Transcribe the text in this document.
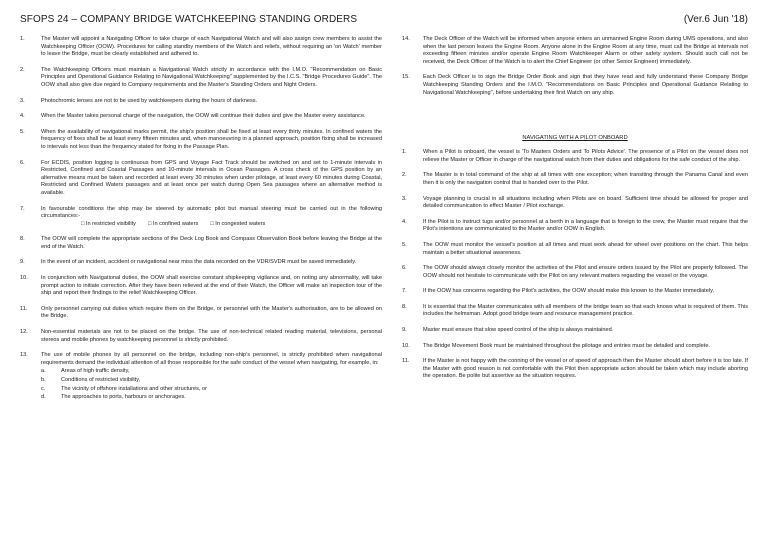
SFOPS 24 – COMPANY BRIDGE WATCHKEEPING STANDING ORDERS	(Ver.6 Jun '18)
1.	The Master will appoint a Navigating Officer to take charge of each Navigational Watch and will also assign crew members to assist the Watchkeeping Officer (OOW). Procedures for calling standby members of the Watch and reliefs, without requiring an 'on Watch' member to leave the Bridge, must be clearly established and adhered to.
2.	The Watchkeeping Officers must maintain a Navigational Watch strictly in accordance with the I.M.O. "Recommendation on Basic Principles and Operational Guidance Relating to Navigational Watchkeeping" supplemented by the I.C.S. "Bridge Procedures Guide". The OOW shall also give due regard to Company requirements and the Master's Standing Orders and Night Orders.
3.	Photochromic lenses are not to be used by watchkeepers during the hours of darkness.
4.	When the Master takes personal charge of the navigation, the OOW will continue their duties and give the Master every assistance.
5.	When the availability of navigational marks permit, the ship's position shall be fixed at least every thirty minutes. In confined waters the frequency of fixes shall be at least every fifteen minutes and, when manoeuvring in a planned approach, position fixing shall be increased to intervals not less than the frequency stated for fixing in the Passage Plan.
6.	For ECDIS, position logging is continuous from GPS and Voyage Fact Track should be switched on and set to 1-minute intervals in Restricted, Confined and Coastal Passages and 10-minute intervals in Ocean Passages. A cross check of the GPS position by an alternative means must be taken and recorded at least every 30 minutes when under pilotage, at least every 60 minutes during Coastal, Restricted and Confined Waters passages and at least once per watch during Open Sea passages where an alternative method is available.
7.	In favourable conditions the ship may be steered by automatic pilot but manual steering must be carried out in the following circumstances:-
□ In restricted visibility □ In confined waters □ In congested waters
8.	The OOW will complete the appropriate sections of the Deck Log Book and Compass Observation Book before leaving the Bridge at the end of the Watch.
9.	In the event of an incident, accident or navigational near miss the data recorded on the VDR/SVDR must be saved immediately.
10.	In conjunction with Navigational duties, the OOW shall exercise constant shipkeeping vigilance and, on noting any abnormality, will take prompt action to initiate correction. After they have been relieved at the end of their Watch, the Officer will make an inspection tour of the ship and report their findings to the relief Watchkeeping Officer.
11.	Only personnel carrying out duties which require them on the Bridge, or personnel with the Master's authorisation, are to be allowed on the Bridge.
12.	Non-essential materials are not to be placed on the bridge. The use of non-technical related reading material, televisions, personal stereos and mobile phones by watchkeeping personnel is strictly prohibited.
13.	The use of mobile phones by all personnel on the bridge, including non-ship's personnel, is strictly prohibited when navigational requirements demand the individual attention of all those responsible for the safe conduct of the vessel when navigating, for example, in:
a.	Areas of high traffic density,
b.	Conditions of restricted visibility,
c.	The vicinity of offshore installations and other structures, or
d.	The approaches to ports, harbours or anchorages.
14.	The Deck Officer of the Watch will be informed when anyone enters an unmanned Engine Room during UMS operations, and also when the last person leaves the Engine Room. Anyone alone in the Engine Room at any time, must call the Bridge at intervals not exceeding fifteen minutes and/or operate Engine Room Watchkeeper Alarm or other safety system. Should such call not be received, the Deck Officer of the Watch is to alert the Chief Engineer (or other Senior Engineer) immediately.
15.	Each Deck Officer is to sign the Bridge Order Book and sign that they have read and fully understand these Company Bridge Watchkeeping Standing Orders and the I.M.O. "Recommendations on Basic Principles and Operational Guidance Relating to Navigational Watchkeeping", before undertaking their first Watch on any ship.
NAVIGATING WITH A PILOT ONBOARD
1.	When a Pilot is onboard, the vessel is 'To Masters Orders and To Pilots Advice'. The presence of a Pilot on the vessel does not relieve the Master or Officer in charge of the navigational watch from their duties and obligations for the safe conduct of the ship.
2.	The Master is in total command of the ship at all times with one exception; when transiting through the Panama Canal and even then it is only the navigation control that is handed over to the Pilot.
3.	Voyage planning is crucial in all situations including when Pilots are on board. Sufficient time should be allowed for proper and detailed communication to effect Master / Pilot exchange.
4.	If the Pilot is to instruct tugs and/or personnel at a berth in a language that is foreign to the crew, the Master must require that the Pilot's intentions are communicated to the Master and/or OOW in English.
5.	The OOW must monitor the vessel's position at all times and must work ahead for wheel over positions on the chart. This helps maintain a better situational awareness.
6.	The OOW should always closely monitor the activities of the Pilot and ensure orders issued by the Pilot are properly followed. The OOW should not hesitate to communicate with the Pilot on any relevant matters regarding the vessel or the voyage.
7.	If the OOW has concerns regarding the Pilot's activities, the OOW should make this known to the Master immediately.
8.	It is essential that the Master communicates with all members of the bridge team so that each knows what is required of them. This includes the helmsman. Adopt good bridge team and resource management practice.
9.	Master must ensure that slow speed control of the ship is always maintained.
10.	The Bridge Movement Book must be maintained throughout the pilotage and entries must be detailed and complete.
11.	If the Master is not happy with the conning of the vessel or of speed of approach then the Master should abort before it is too late. If the Master with good reason is not comfortable with the Pilot then appropriate action should be taken which may include aborting the operation. Be polite but assertive as the situation requires.
